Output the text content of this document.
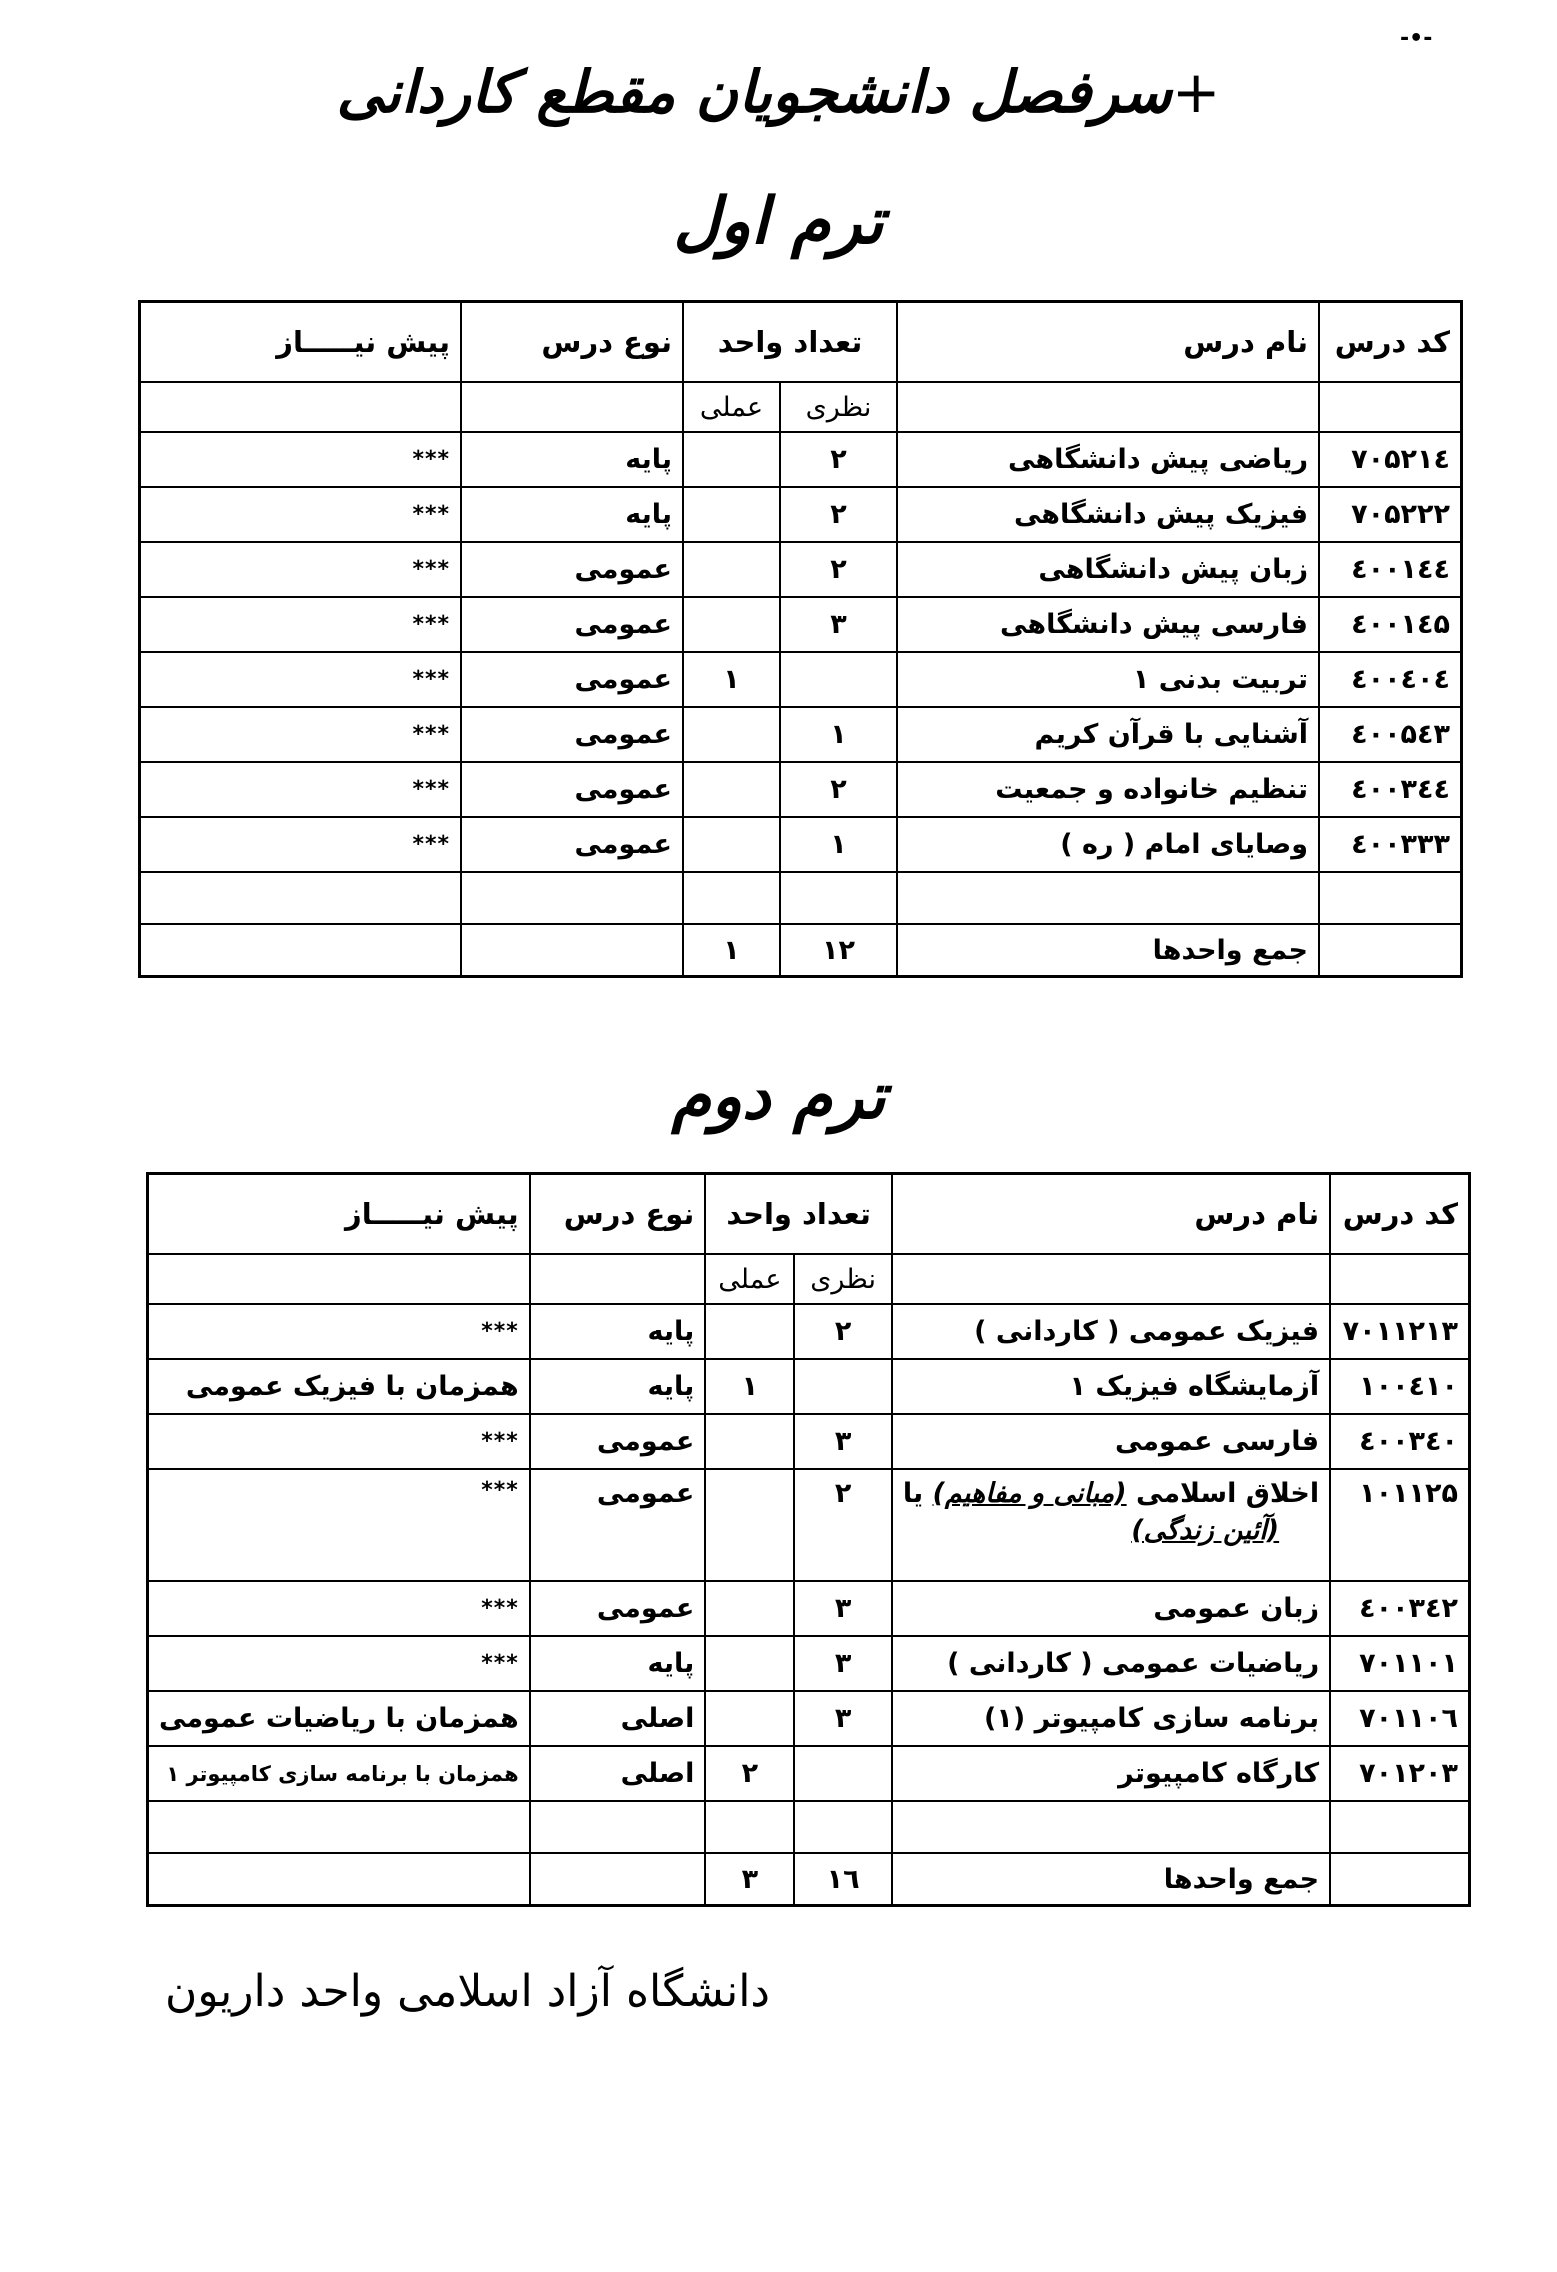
-•-
+سرفصل دانشجویان مقطع کاردانی
ترم اول
کد درس	نام درس	تعداد واحد		نوع درس	پیش نیـــــاز
		نظری	عملی		
۷۰۵۲۱٤	ریاضی پیش دانشگاهی	۲		پایه	***
۷۰۵۲۲۲	فیزیک پیش دانشگاهی	۲		پایه	***
٤۰۰۱٤٤	زبان پیش دانشگاهی	۲		عمومی	***
٤۰۰۱٤۵	فارسی پیش دانشگاهی	۳		عمومی	***
٤۰۰٤۰٤	تربیت بدنی ۱		۱	عمومی	***
٤۰۰۵٤۳	آشنایی با قرآن کریم	۱		عمومی	***
٤۰۰۳٤٤	تنظیم خانواده و جمعیت	۲		عمومی	***
٤۰۰۳۳۳	وصایای امام ( ره )	۱		عمومی	***

	جمع واحدها	۱۲	۱		
ترم دوم
کد درس	نام درس	تعداد واحد		نوع درس	پیش نیـــــاز
		نظری	عملی		
۷۰۱۱۲۱۳	فیزیک عمومی ( کاردانی )	۲		پایه	***
۱۰۰٤۱۰	آزمایشگاه فیزیک ۱		۱	پایه	همزمان با فیزیک عمومی
٤۰۰۳٤۰	فارسی عمومی	۳		عمومی	***
۱۰۱۱۲۵	اخلاق اسلامی (مبانی و مفاهیم) یا
(آئین زندگی)	۲		عمومی	***
٤۰۰۳٤۲	زبان عمومی	۳		عمومی	***
۷۰۱۱۰۱	ریاضیات عمومی ( کاردانی )	۳		پایه	***
۷۰۱۱۰٦	برنامه سازی کامپیوتر (۱)	۳		اصلی	همزمان با ریاضیات عمومی
۷۰۱۲۰۳	کارگاه کامپیوتر		۲	اصلی	همزمان با برنامه سازی کامپیوتر ۱

	جمع واحدها	۱٦	۳		
دانشگاه آزاد اسلامی واحد داریون
